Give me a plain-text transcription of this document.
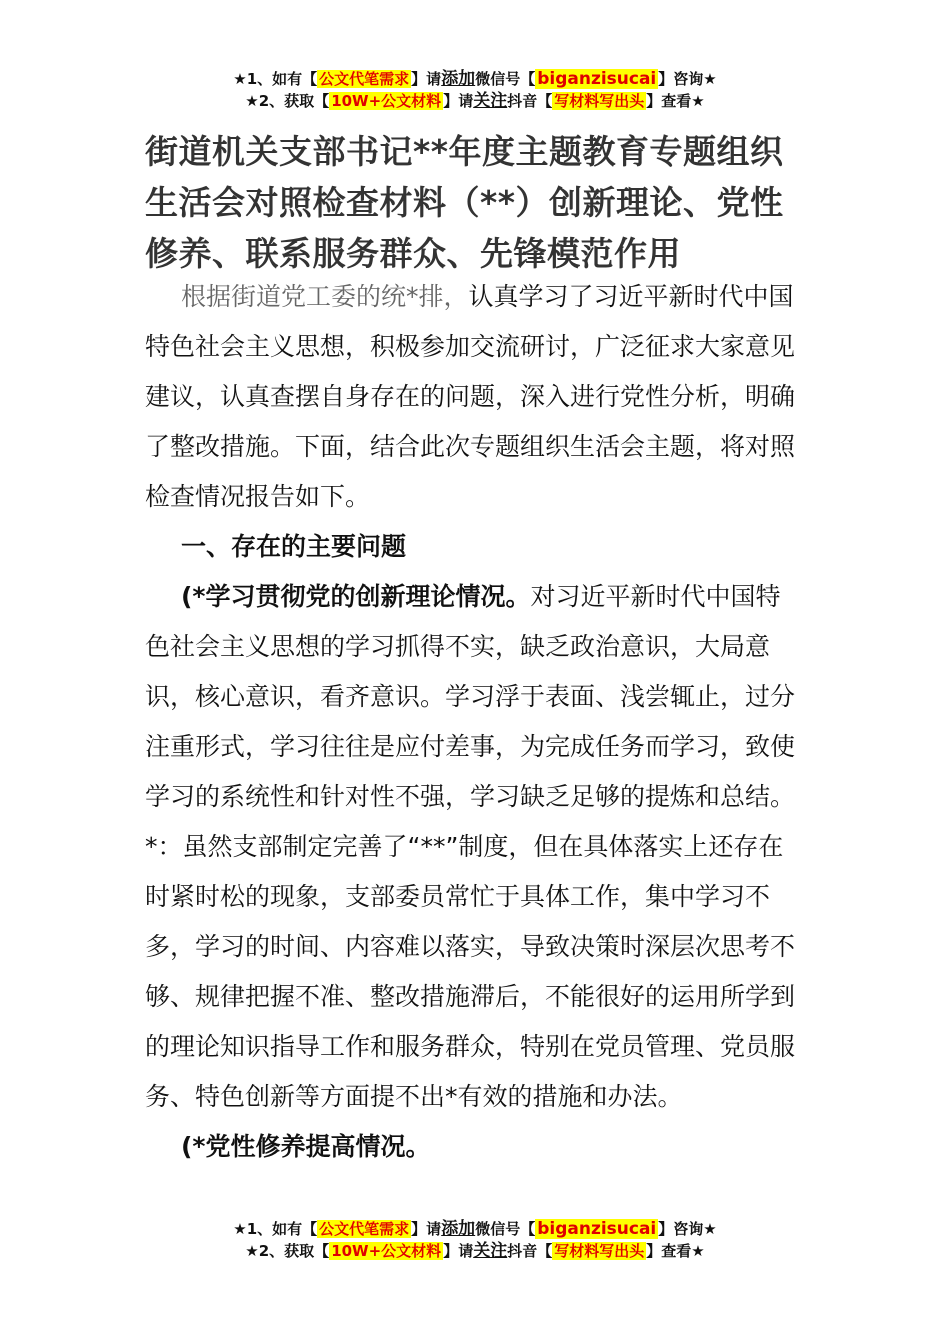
★1、如有【 公文代笔需求 】请添加微信号【 biganzisucai 】咨询★
★2、获取【 10W+公文材料 】请关注抖音【 写材料写出头 】查看★
街道机关支部书记**年度主题教育专题组织生活会对照检查材料（**）创新理论、党性修养、联系服务群众、先锋模范作用

根据街道党工委的统*排，认真学习了习近平新时代中国特色社会主义思想，积极参加交流研讨，广泛征求大家意见建议，认真查摆自身存在的问题，深入进行党性分析，明确了整改措施。下面，结合此次专题组织生活会主题，将对照检查情况报告如下。

一、存在的主要问题

(*学习贯彻党的创新理论情况。对习近平新时代中国特色社会主义思想的学习抓得不实，缺乏政治意识，大局意识，核心意识，看齐意识。学习浮于表面、浅尝辄止，过分注重形式，学习往往是应付差事，为完成任务而学习，致使学习的系统性和针对性不强，学习缺乏足够的提炼和总结。*：虽然支部制定完善了“**”制度，但在具体落实上还存在时紧时松的现象，支部委员常忙于具体工作，集中学习不多，学习的时间、内容难以落实，导致决策时深层次思考不够、规律把握不准、整改措施滞后，不能很好的运用所学到的理论知识指导工作和服务群众，特别在党员管理、党员服务、特色创新等方面提不出*有效的措施和办法。

(*党性修养提高情况。

★1、如有【 公文代笔需求 】请添加微信号【 biganzisucai 】咨询★
★2、获取【 10W+公文材料 】请关注抖音【 写材料写出头 】查看★
